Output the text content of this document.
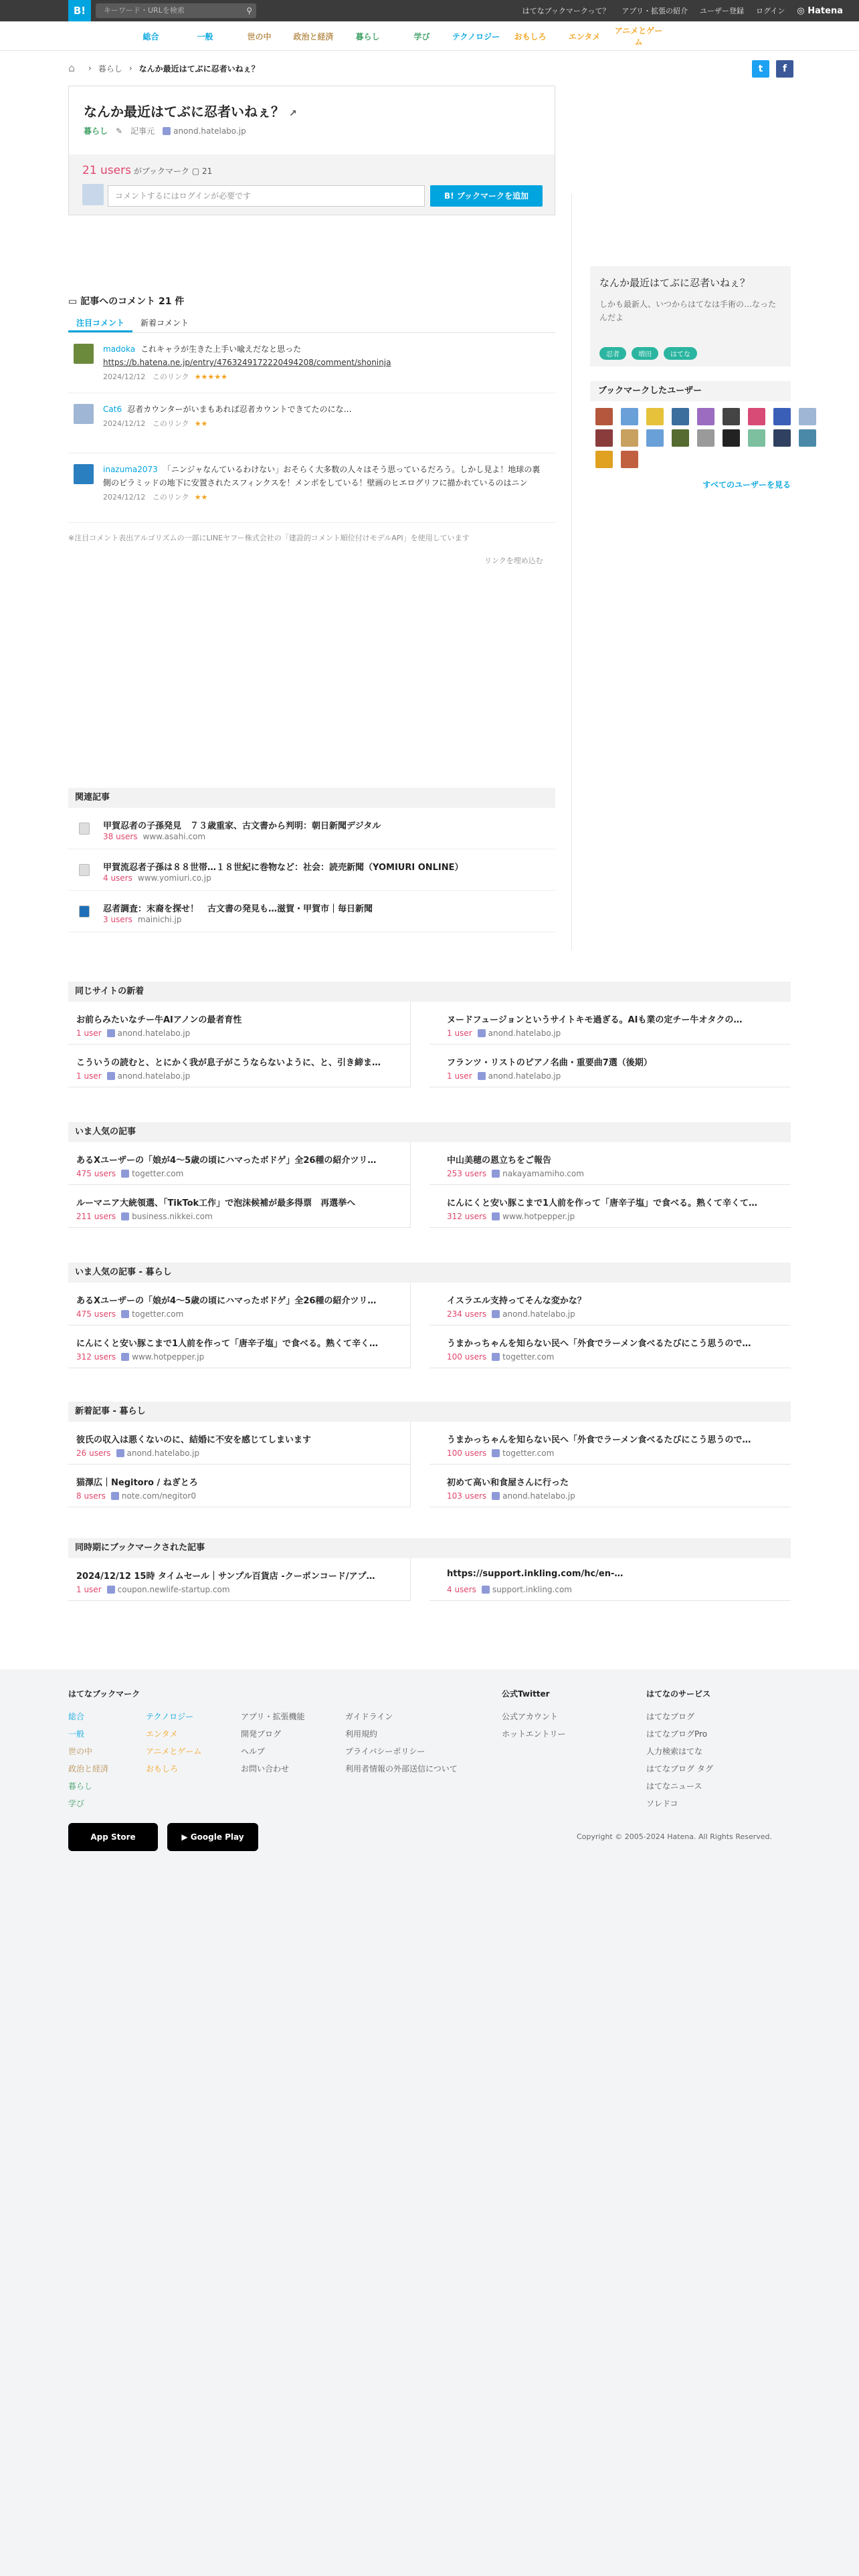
B!	キーワード・URLを検索	⚲	はてなブックマークって？ アプリ・拡張の紹介 ユーザー登録 ログイン ◎ Hatena
総合	一般	世の中	政治と経済	暮らし	学び	テクノロジー	おもしろ	エンタメ
アニメとゲーム
⌂	› 暮らし › なんか最近はてぶに忍者いねぇ？	t	f
なんか最近はてぶに忍者いねぇ？ ↗
暮らし ✎ 記事元 anond.hatelabo.jp
21 users がブックマーク ▢ 21
コメントするにはログインが必要です	B! ブックマークを追加
▭ 記事へのコメント 21 件
注目コメント	新着コメント
madoka これキャラが生きた上手い喩えだなと思った
https://b.hatena.ne.jp/entry/4763249172220494208/comment/shoninja
2024/12/12 このリンク ★★★★★
Cat6 忍者カウンターがいまもあれば忍者カウントできてたのにな…
2024/12/12 このリンク ★★
inazuma2073 「ニンジャなんているわけない」おそらく大多数の人々はそう思っているだろう。しかし見よ！地球の裏側のピラミッドの地下に安置されたスフィンクスを！メンポをしている！壁画のヒエログリフに描かれているのはニン
2024/12/12 このリンク ★★
※注目コメント表出アルゴリズムの一部にLINEヤフー株式会社の「建設的コメント順位付けモデルAPI」を使用しています
リンクを埋め込む
なんか最近はてぶに忍者いねぇ？
しかも最新人、いつからはてなは手術の…なったんだよ
忍者	増田	はてな
ブックマークしたユーザー
すべてのユーザーを見る
関連記事
甲賀忍者の子孫発見　７３歳重家、古文書から判明：朝日新聞デジタル
38 users www.asahi.com
甲賀流忍者子孫は８８世帯…１８世紀に巻物など：社会：読売新聞（YOMIURI ONLINE）
4 users www.yomiuri.co.jp
忍者調査：末裔を探せ！　古文書の発見も…滋賀・甲賀市｜毎日新聞
3 users mainichi.jp
同じサイトの新着
お前らみたいなチー牛AIアノンの最者育性
1 user anond.hatelabo.jp
ヌードフュージョンというサイトキモ過ぎる。AIも業の定チー牛オタクの…
1 user anond.hatelabo.jp
こういうの読むと、とにかく我が息子がこうならないように、と、引き締ま…
1 user anond.hatelabo.jp
フランツ・リストのピアノ名曲・重要曲7選（後期）
1 user anond.hatelabo.jp
いま人気の記事
あるXユーザーの「娘が4～5歳の頃にハマったボドゲ」全26種の紹介ツリ…
475 users togetter.com
中山美穂の恩立ちをご報告
253 users nakayamamiho.com
ルーマニア大統領選、「TikTok工作」で泡沫候補が最多得票　再選挙へ
211 users business.nikkei.com
にんにくと安い豚こまで1人前を作って「唐辛子塩」で食べる。熟くて辛くて…
312 users www.hotpepper.jp
いま人気の記事 - 暮らし
あるXユーザーの「娘が4～5歳の頃にハマったボドゲ」全26種の紹介ツリ…
475 users togetter.com
イスラエル支持ってそんな変かな？
234 users anond.hatelabo.jp
にんにくと安い豚こまで1人前を作って「唐辛子塩」で食べる。熟くて辛く…
312 users www.hotpepper.jp
うまかっちゃんを知らない民へ「外食でラーメン食べるたびにこう思うので…
100 users togetter.com
新着記事 - 暮らし
彼氏の収入は悪くないのに、結婚に不安を感じてしまいます
26 users anond.hatelabo.jp
うまかっちゃんを知らない民へ「外食でラーメン食べるたびにこう思うので…
100 users togetter.com
猫澤広｜Negitoro / ねぎとろ
8 users note.com/negitor0
初めて高い和食屋さんに行った
103 users anond.hatelabo.jp
同時期にブックマークされた記事
2024/12/12 15時 タイムセール｜サンプル百貨店 -クーポンコード/アプ…
1 user coupon.newlife-startup.com
https://support.inkling.com/hc/en-…
4 users support.inkling.com
はてなブックマーク
総合
一般
世の中
政治と経済
暮らし
学び
テクノロジー
エンタメ
アニメとゲーム
おもしろ
アプリ・拡張機能
開発ブログ
ヘルプ
お問い合わせ
ガイドライン
利用規約
プライバシーポリシー
利用者情報の外部送信について
公式Twitter
公式アカウント
ホットエントリー
はてなのサービス
はてなブログ
はてなブログPro
人力検索はてな
はてなブログ タグ
はてなニュース
ソレドコ
App Store	▶ Google Play	Copyright © 2005-2024 Hatena. All Rights Reserved.
